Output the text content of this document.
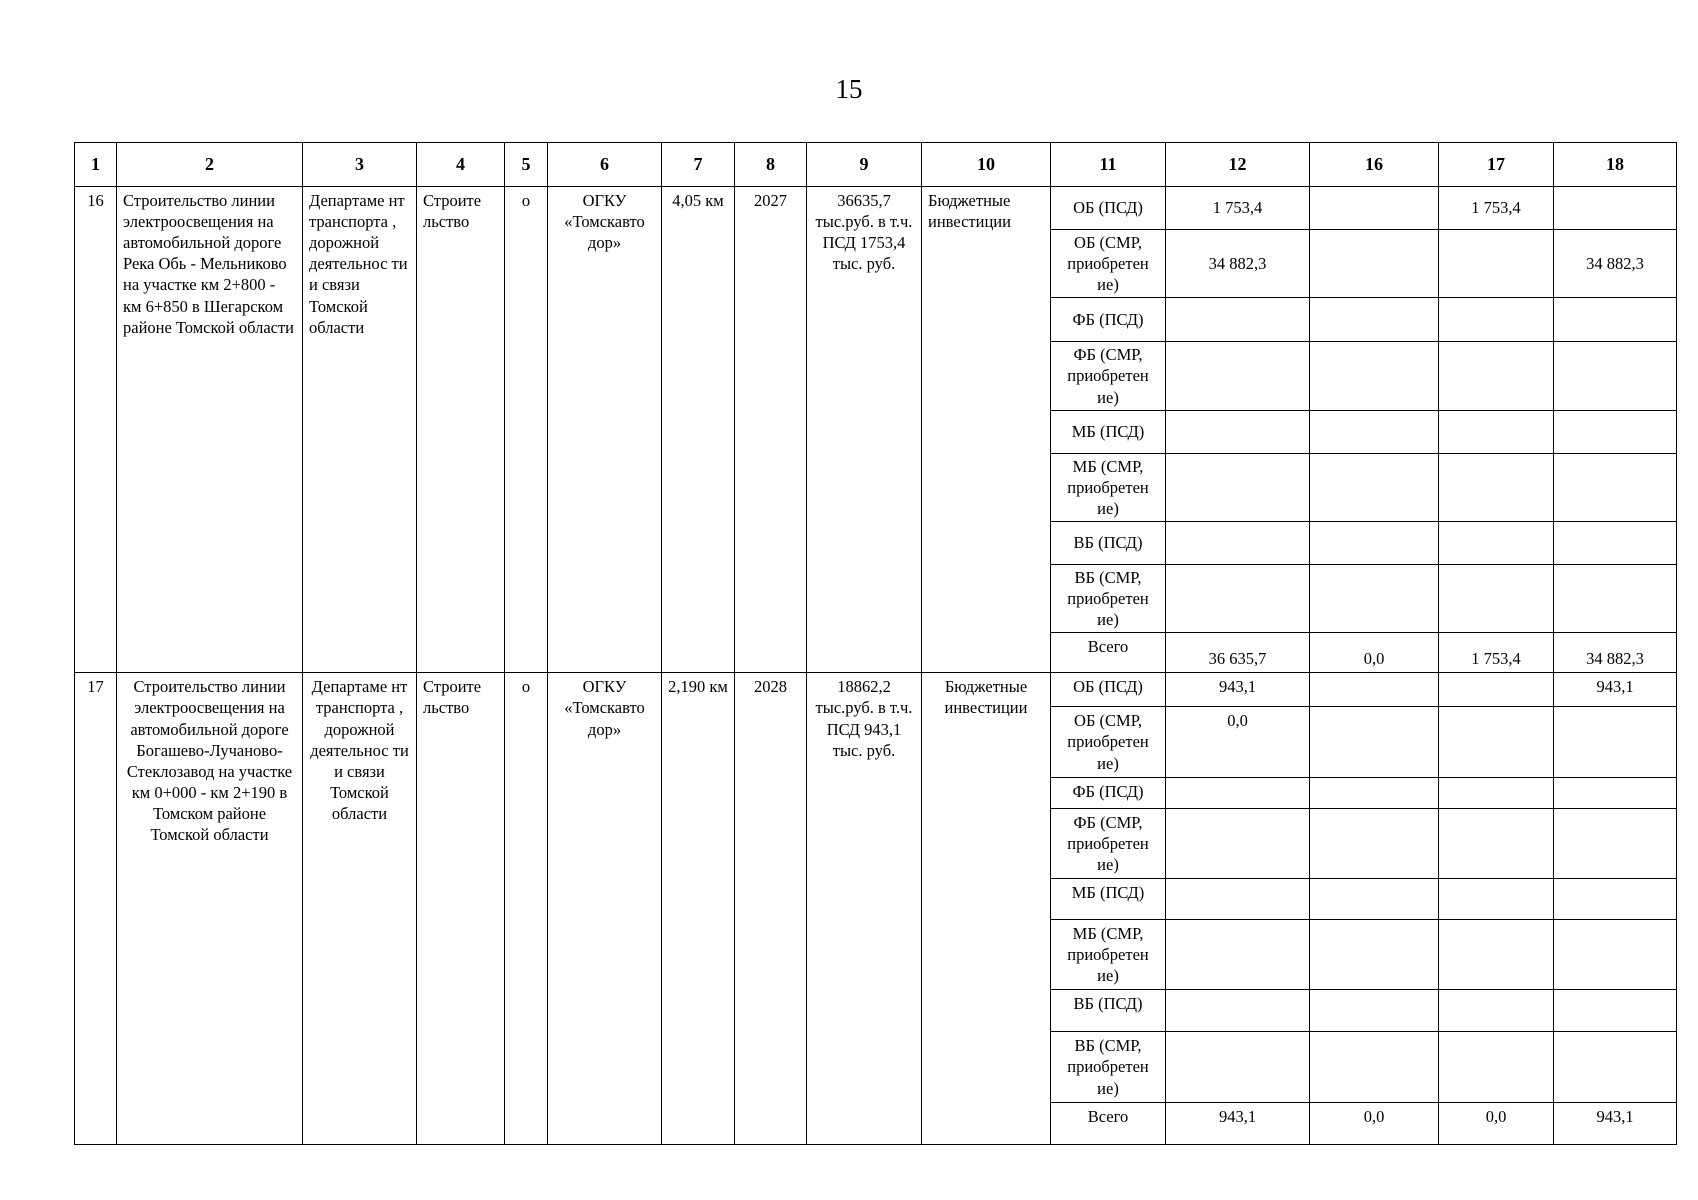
15
1	2	3	4	5	6	7	8	9	10	11	12	16	17	18
16	Строительство линии электроосвещения на автомобильной дороге Река Обь - Мельниково на участке км 2+800 - км 6+850 в Шегарском районе Томской области	Департаме нт транспорта , дорожной деятельнос ти и связи Томской области	Строите льство	о	ОГКУ «Томскавто дор»	4,05 км	2027	36635,7 тыс.руб. в т.ч. ПСД 1753,4 тыс. руб.	Бюджетные инвестиции	ОБ (ПСД)	1 753,4		1 753,4	
										ОБ (СМР, приобретен ие)	34 882,3			34 882,3
										ФБ (ПСД)				
										ФБ (СМР, приобретен ие)				
										МБ (ПСД)				
										МБ (СМР, приобретен ие)				
										ВБ (ПСД)				
										ВБ (СМР, приобретен ие)				
										Всего	36 635,7	0,0	1 753,4	34 882,3
17	Строительство линии электроосвещения на автомобильной дороге Богашево-Лучаново-Стеклозавод на участке км 0+000 - км 2+190 в Томском районе Томской области	Департаме нт транспорта , дорожной деятельнос ти и связи Томской области	Строите льство	о	ОГКУ «Томскавто дор»	2,190 км	2028	18862,2 тыс.руб. в т.ч. ПСД 943,1 тыс. руб.	Бюджетные инвестиции	ОБ (ПСД)	943,1			943,1
										ОБ (СМР, приобретен ие)	0,0			
										ФБ (ПСД)				
										ФБ (СМР, приобретен ие)				
										МБ (ПСД)				
										МБ (СМР, приобретен ие)				
										ВБ (ПСД)				
										ВБ (СМР, приобретен ие)				
										Всего	943,1	0,0	0,0	943,1
